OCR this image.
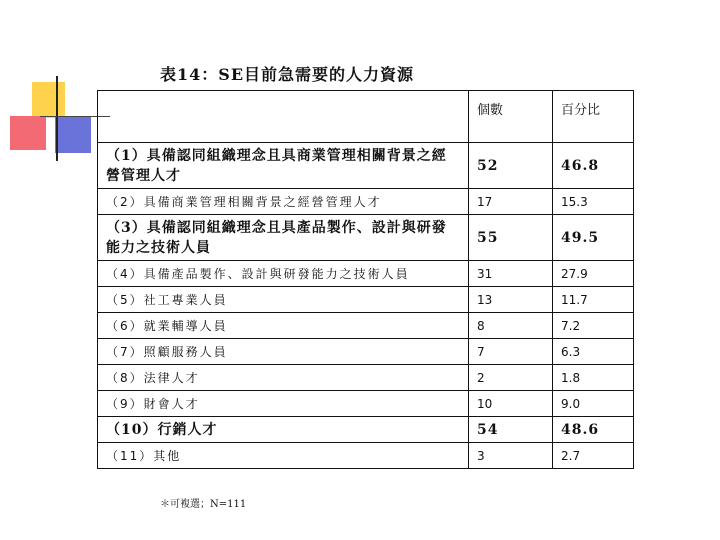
表14：SE目前急需要的人力資源
	個數	百分比
（1）具備認同組織理念且具商業管理相關背景之經營管理人才	52	46.8
（2）具備商業管理相關背景之經營管理人才	17	15.3
（3）具備認同組織理念且具產品製作、設計與研發能力之技術人員	55	49.5
（4）具備產品製作、設計與研發能力之技術人員	31	27.9
（5）社工專業人員	13	11.7
（6）就業輔導人員	8	7.2
（7）照顧服務人員	7	6.3
（8）法律人才	2	1.8
（9）財會人才	10	9.0
（10）行銷人才	54	48.6
（11）其他	3	2.7
＊可複選；N=111
